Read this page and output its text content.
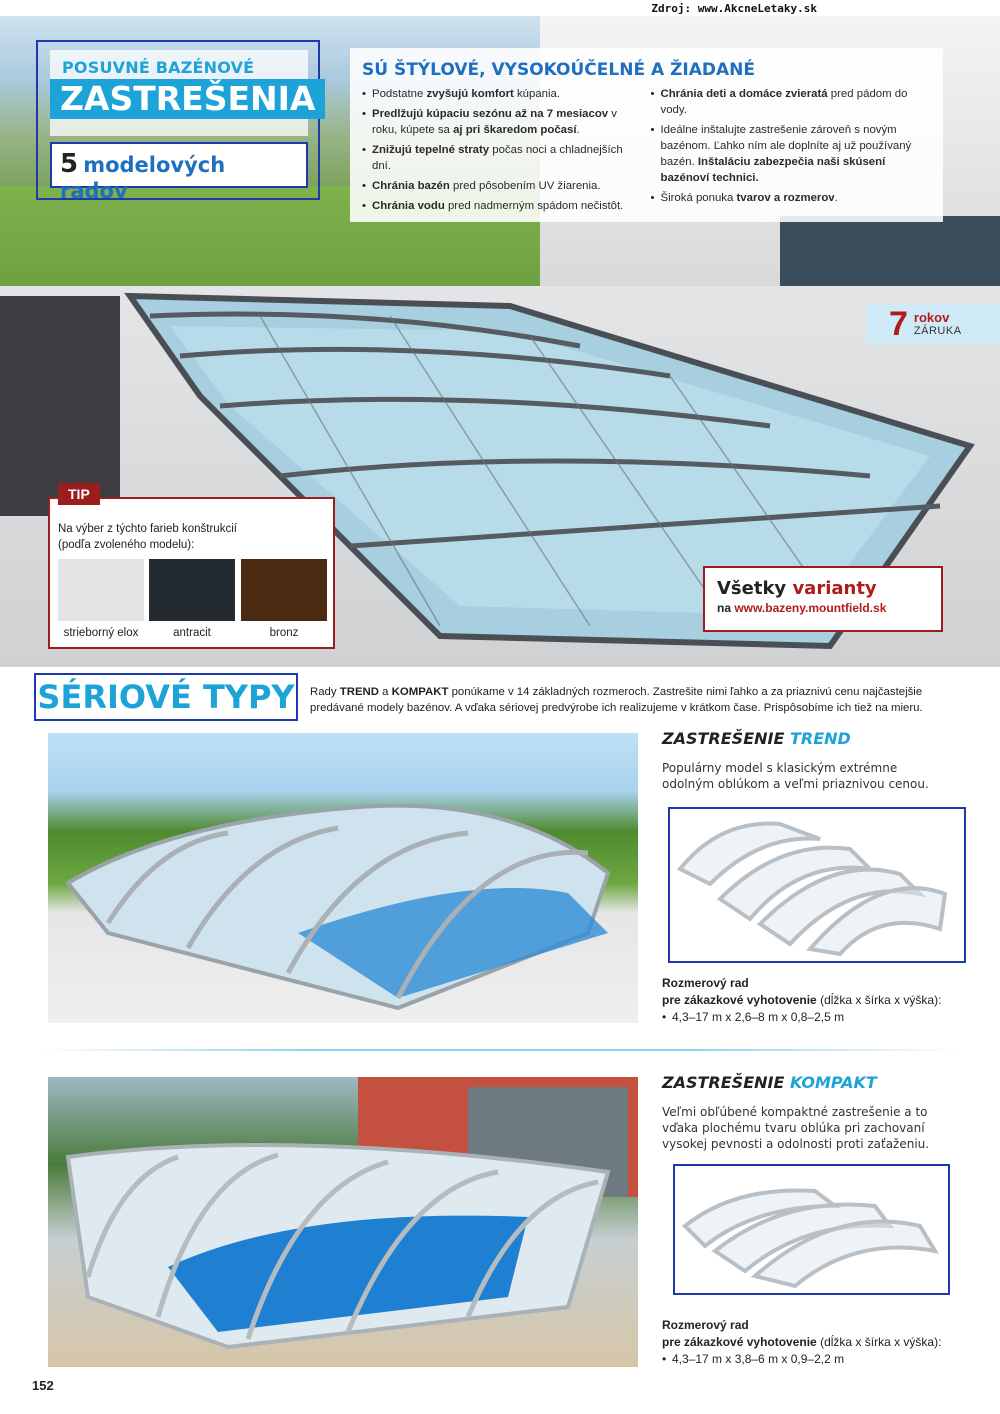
Zdroj: www.AkcneLetaky.sk
POSUVNÉ BAZÉNOVÉ
ZASTREŠENIA
5 modelových radov
SÚ ŠTÝLOVÉ, VYSOKOÚČELNÉ A ŽIADANÉ
• Podstatne zvyšujú komfort kúpania.
• Predlžujú kúpaciu sezónu až na 7 mesiacov v roku, kúpete sa aj pri škaredom počasí.
• Znižujú tepelné straty počas noci a chladnejších dní.
• Chránia bazén pred pôsobením UV žiarenia.
• Chránia vodu pred nadmerným spádom nečistôt.
• Chránia deti a domáce zvieratá pred pádom do vody.
• Ideálne inštalujte zastrešenie zároveň s novým bazénom. Ľahko ním ale doplníte aj už používaný bazén. Inštaláciu zabezpečia naši skúsení bazénoví technici.
• Široká ponuka tvarov a rozmerov.
7 rokov
ZÁRUKA
TIP
Na výber z týchto farieb konštrukcií
(podľa zvoleného modelu):
strieborný elox	antracit	bronz
Všetky varianty
na www.bazeny.mountfield.sk
SÉRIOVÉ TYPY Rady TREND a KOMPAKT ponúkame v 14 základných rozmeroch. Zastrešite nimi ľahko a za priaznivú cenu najčastejšie predávané modely bazénov. A vďaka sériovej predvýrobe ich realizujeme v krátkom čase. Prispôsobíme ich tiež na mieru.
ZASTREŠENIE TREND
Populárny model s klasickým extrémne odolným oblúkom a veľmi priaznivou cenou.
Rozmerový rad
pre zákazkové vyhotovenie (dĺžka x šírka x výška):
• 4,3–17 m x 2,6–8 m x 0,8–2,5 m
ZASTREŠENIE KOMPAKT
Veľmi obľúbené kompaktné zastrešenie a to vďaka plochému tvaru oblúka pri zachovaní vysokej pevnosti a odolnosti proti zaťaženiu.
Rozmerový rad
pre zákazkové vyhotovenie (dĺžka x šírka x výška):
• 4,3–17 m x 3,8–6 m x 0,9–2,2 m
152
